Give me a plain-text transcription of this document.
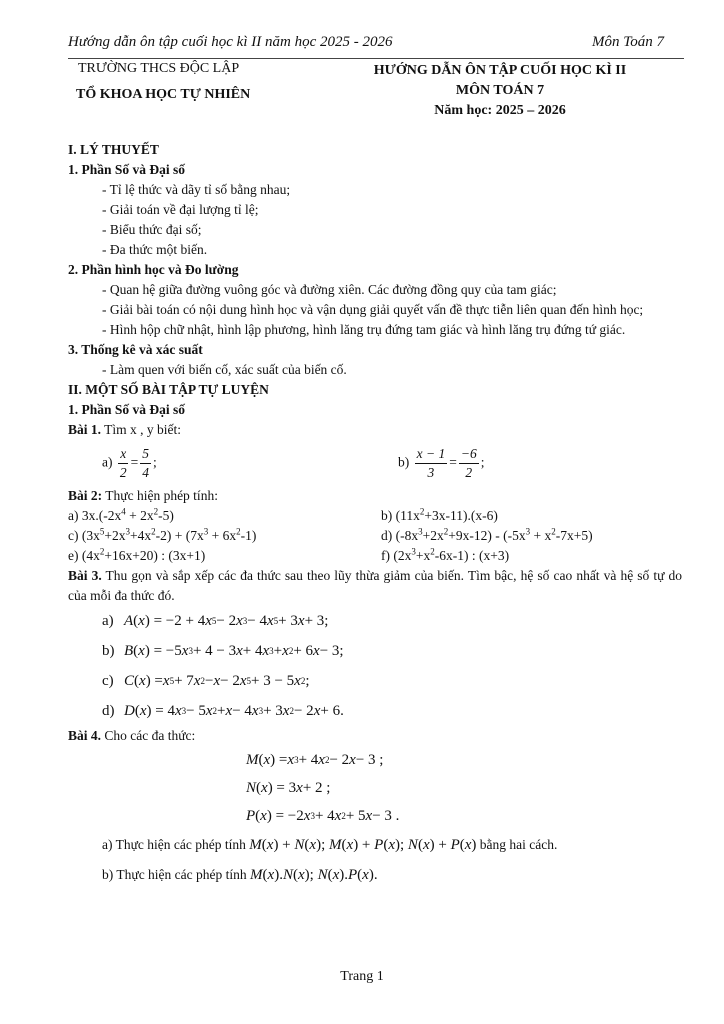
Hướng dẫn ôn tập cuối học kì II năm học 2025 - 2026	Môn Toán 7
TRƯỜNG THCS ĐỘC LẬP
TỔ KHOA HỌC TỰ NHIÊN
HƯỚNG DẪN ÔN TẬP CUỐI HỌC KÌ II
MÔN TOÁN 7
Năm học: 2025 – 2026
I. LÝ THUYẾT
1. Phần Số và Đại số
- Tỉ lệ thức và dãy tỉ số bằng nhau;
- Giải toán về đại lượng tỉ lệ;
- Biểu thức đại số;
- Đa thức một biến.
2. Phần hình học và Đo lường
- Quan hệ giữa đường vuông góc và đường xiên. Các đường đồng quy của tam giác;
- Giải bài toán có nội dung hình học và vận dụng giải quyết vấn đề thực tiễn liên quan đến hình học;
- Hình hộp chữ nhật, hình lập phương, hình lăng trụ đứng tam giác và hình lăng trụ đứng tứ giác.
3. Thống kê và xác suất
- Làm quen với biến cố, xác suất của biến cố.
II. MỘT SỐ BÀI TẬP TỰ LUYỆN
1. Phần Số và Đại số
Bài 1. Tìm x , y biết:
$a) \frac{x}{2} = \frac{5}{4}$ ;	$b) \frac{x - 1}{3} = \frac{-6}{2}$ ;
Bài 2: Thực hiện phép tính:
a) $3x.(-2x^4 + 2x^2-5)$	b) $(11x^2+3x-11).(x-6)$
c) $(3x^5+2x^3+4x^2-2) + (7x^3 + 6x^2-1)$	d) $(-8x^3+2x^2+9x-12) - (-5x^3 + x^2-7x+5)$
e) $(4x^2+16x+20)$ : (3x+1)	f) $(2x^3+x^2-6x-1)$ : (x+3)
Bài 3. Thu gọn và sắp xếp các đa thức sau theo lũy thừa giảm của biến. Tìm bậc, hệ số cao nhất và hệ số tự do của mỗi đa thức đó.
a) A ( x ) = −2 + 4 x 5 − 2 x 3 − 4 x 5 + 3 x + 3;
b) B ( x ) = −5 x 3 + 4 − 3 x + 4 x 3 + x 2 + 6 x − 3;
c) C ( x ) = x 5 + 7 x 2 − x − 2 x 5 + 3 − 5 x 2 ;
d) D ( x ) = 4 x 3 − 5 x 2 + x − 4 x 3 + 3 x 2 − 2 x + 6.
Bài 4. Cho các đa thức:
M ( x ) = x 3 + 4 x 2 − 2 x − 3 ;
N ( x ) = 3 x + 2 ;
P ( x ) = −2 x 3 + 4 x 2 + 5 x − 3 .
a) Thực hiện các phép tính
M(x) + N(x); M(x) + P(x); N(x) + P(x)
bằng hai cách.
b) Thực hiện các phép tính
M(x).N(x); N(x).P(x).
Trang 1
